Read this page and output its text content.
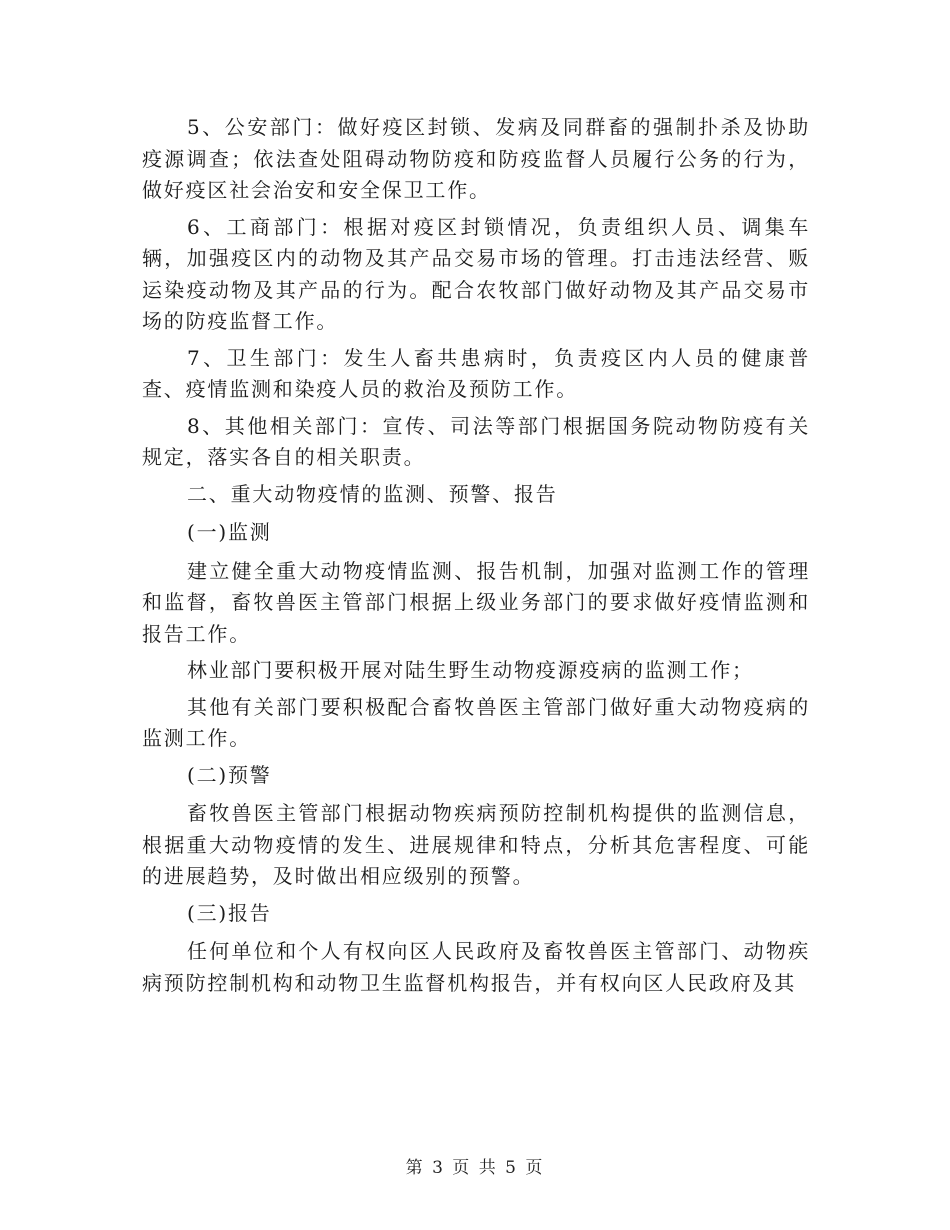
5、公安部门：做好疫区封锁、发病及同群畜的强制扑杀及协助疫源调查；依法查处阻碍动物防疫和防疫监督人员履行公务的行为，做好疫区社会治安和安全保卫工作。

6、工商部门：根据对疫区封锁情况，负责组织人员、调集车辆，加强疫区内的动物及其产品交易市场的管理。打击违法经营、贩运染疫动物及其产品的行为。配合农牧部门做好动物及其产品交易市场的防疫监督工作。

7、卫生部门：发生人畜共患病时，负责疫区内人员的健康普查、疫情监测和染疫人员的救治及预防工作。

8、其他相关部门：宣传、司法等部门根据国务院动物防疫有关规定，落实各自的相关职责。

二、重大动物疫情的监测、预警、报告

(一)监测

建立健全重大动物疫情监测、报告机制，加强对监测工作的管理和监督，畜牧兽医主管部门根据上级业务部门的要求做好疫情监测和报告工作。

林业部门要积极开展对陆生野生动物疫源疫病的监测工作；

其他有关部门要积极配合畜牧兽医主管部门做好重大动物疫病的监测工作。

(二)预警

畜牧兽医主管部门根据动物疾病预防控制机构提供的监测信息，根据重大动物疫情的发生、进展规律和特点，分析其危害程度、可能的进展趋势，及时做出相应级别的预警。

(三)报告

任何单位和个人有权向区人民政府及畜牧兽医主管部门、动物疾病预防控制机构和动物卫生监督机构报告，并有权向区人民政府及其

第 3 页 共 5 页
